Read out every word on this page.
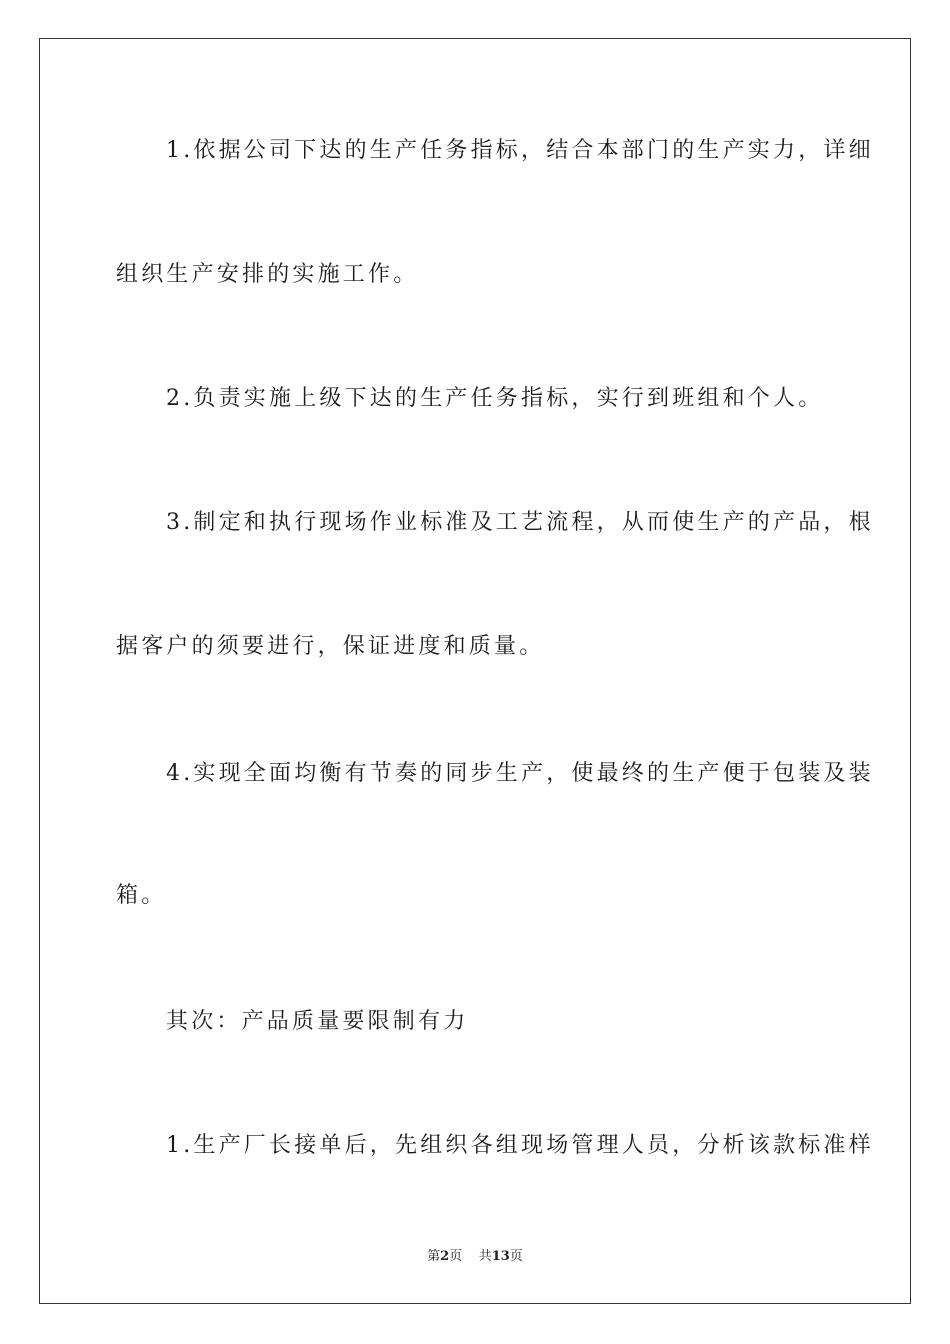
1.依据公司下达的生产任务指标，结合本部门的生产实力，详细
组织生产安排的实施工作。
2.负责实施上级下达的生产任务指标，实行到班组和个人。
3.制定和执行现场作业标准及工艺流程，从而使生产的产品，根
据客户的须要进行，保证进度和质量。
4.实现全面均衡有节奏的同步生产，使最终的生产便于包装及装
箱。
其次：产品质量要限制有力
1.生产厂长接单后，先组织各组现场管理人员，分析该款标准样
第2页 共13页
